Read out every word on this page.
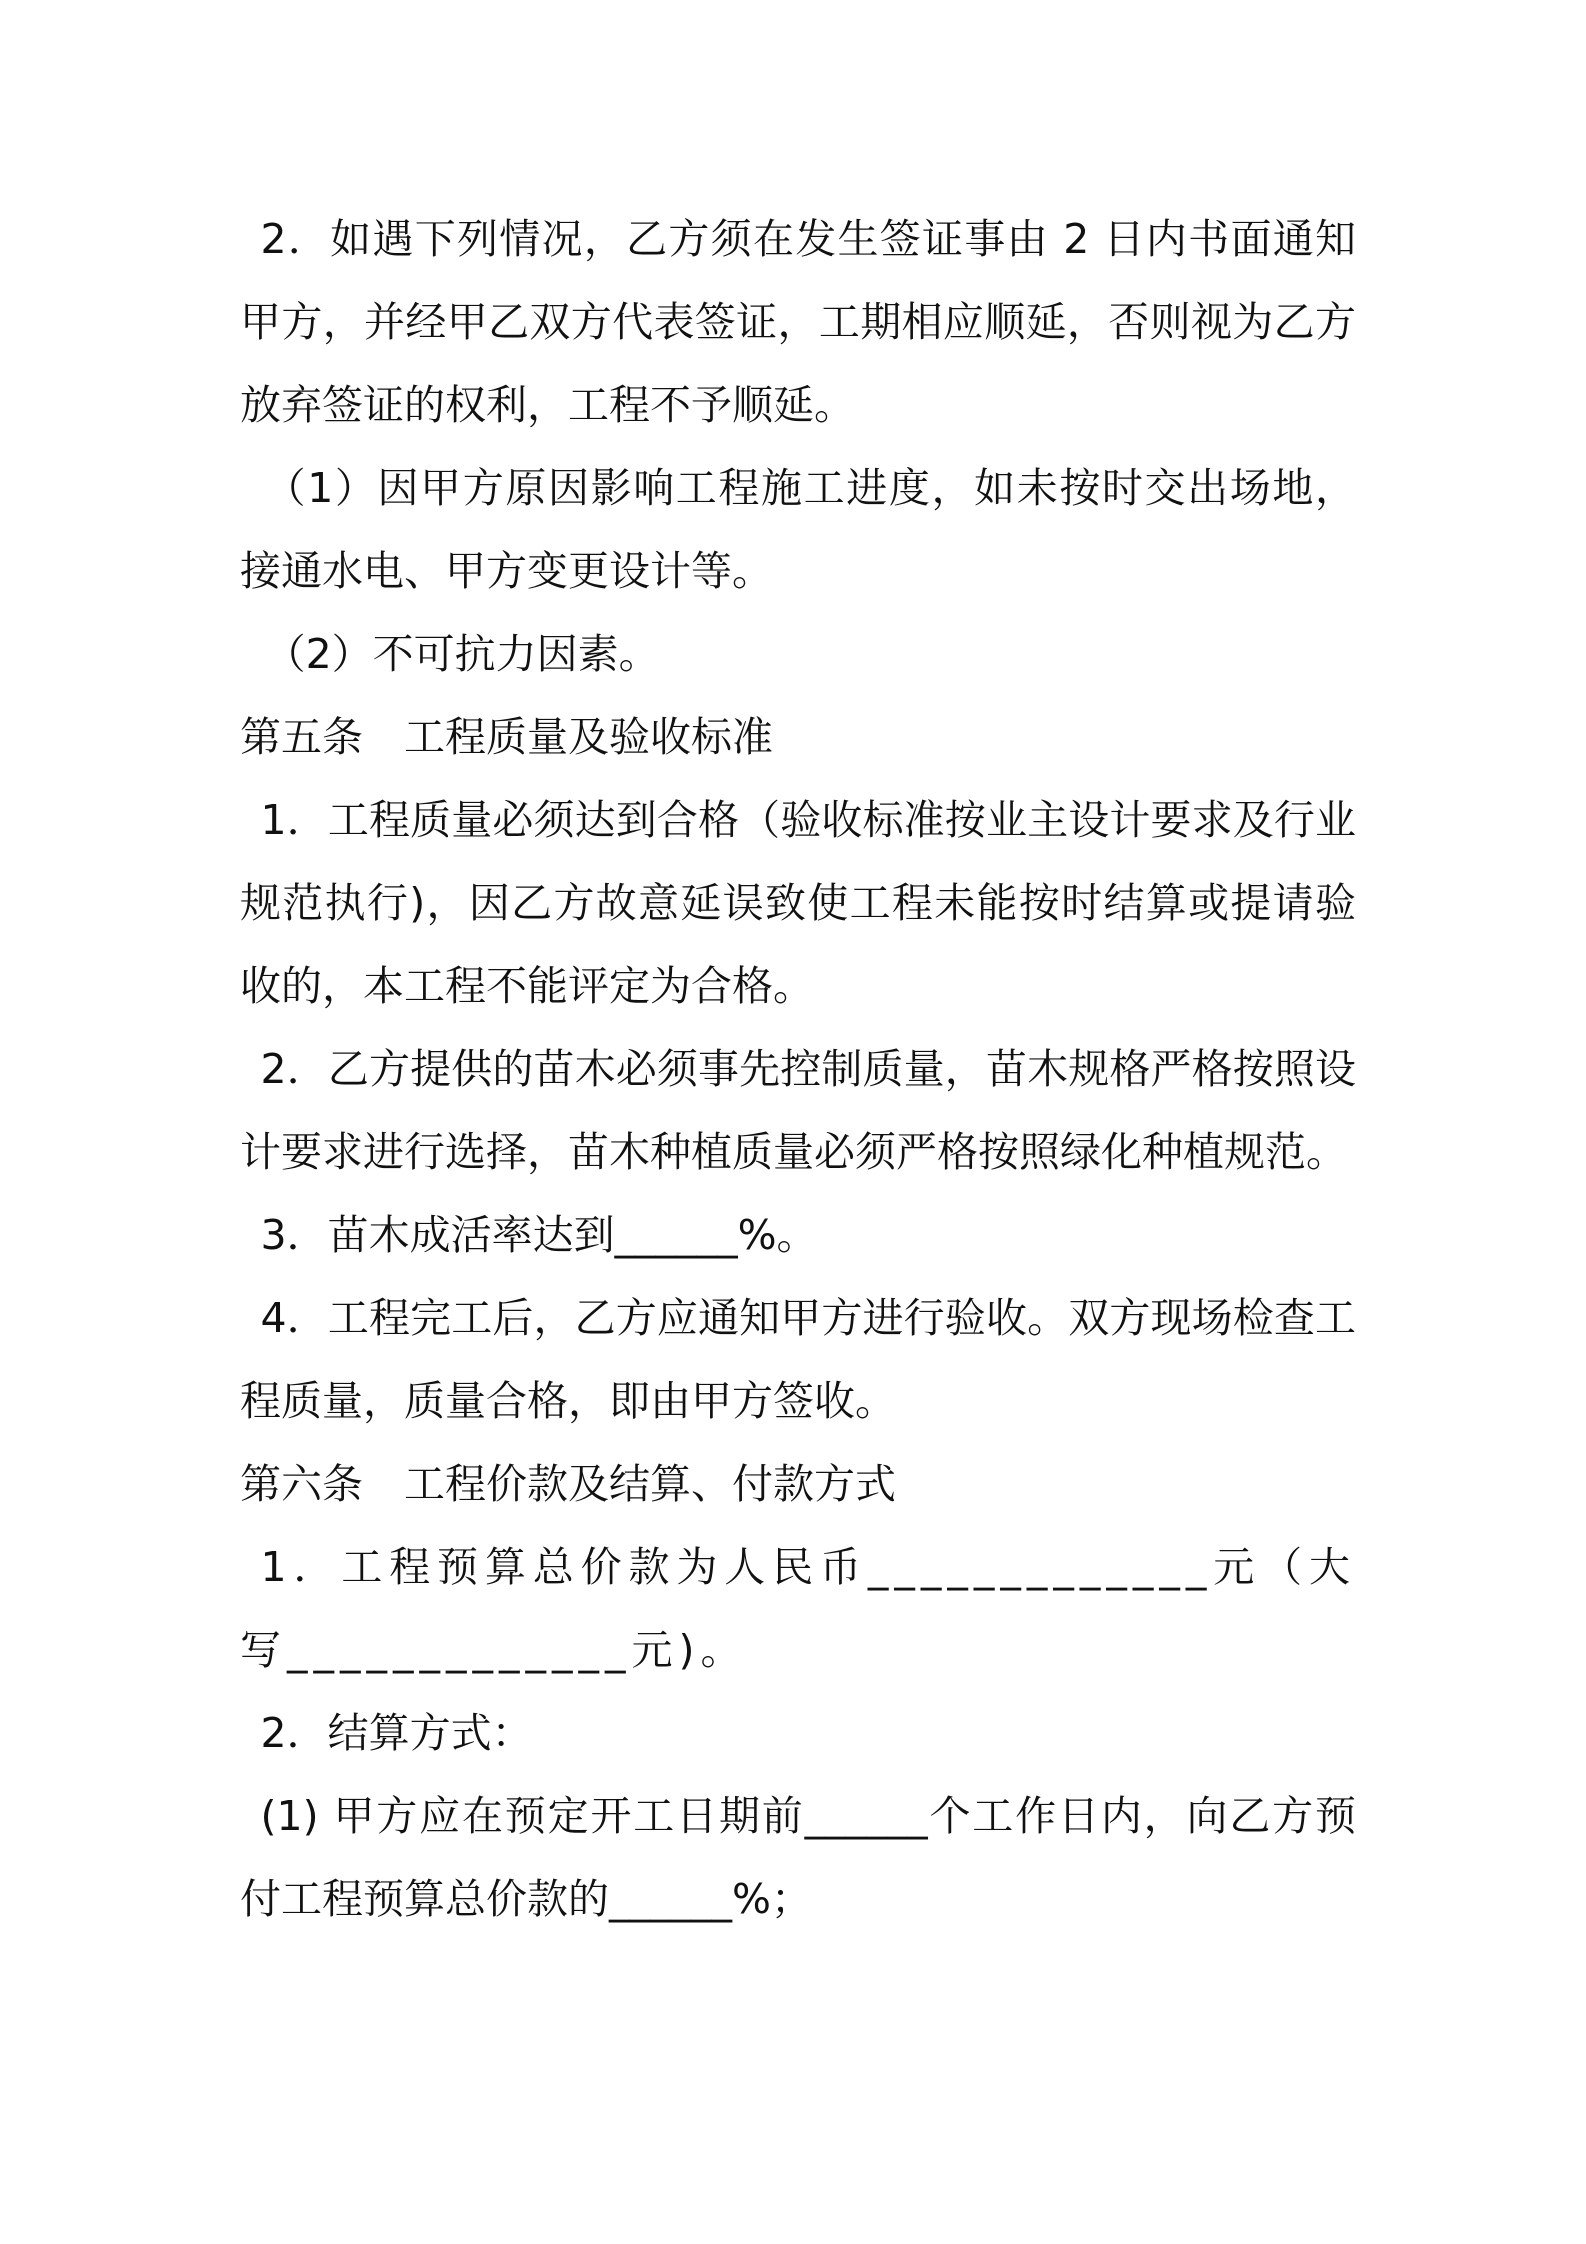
2．如遇下列情况，乙方须在发生签证事由 2 日内书面通知甲方，并经甲乙双方代表签证，工期相应顺延，否则视为乙方放弃签证的权利，工程不予顺延。

（1）因甲方原因影响工程施工进度，如未按时交出场地，接通水电、甲方变更设计等。

（2）不可抗力因素。

第五条　工程质量及验收标准

1．工程质量必须达到合格（验收标准按业主设计要求及行业规范执行)，因乙方故意延误致使工程未能按时结算或提请验收的，本工程不能评定为合格。

2．乙方提供的苗木必须事先控制质量，苗木规格严格按照设计要求进行选择，苗木种植质量必须严格按照绿化种植规范。

3．苗木成活率达到______%。

4．工程完工后，乙方应通知甲方进行验收。双方现场检查工程质量，质量合格，即由甲方签收。

第六条　工程价款及结算、付款方式

1．工程预算总价款为人民币_____________元（大写_____________元)。

2．结算方式：

(1) 甲方应在预定开工日期前______个工作日内，向乙方预付工程预算总价款的______%；
